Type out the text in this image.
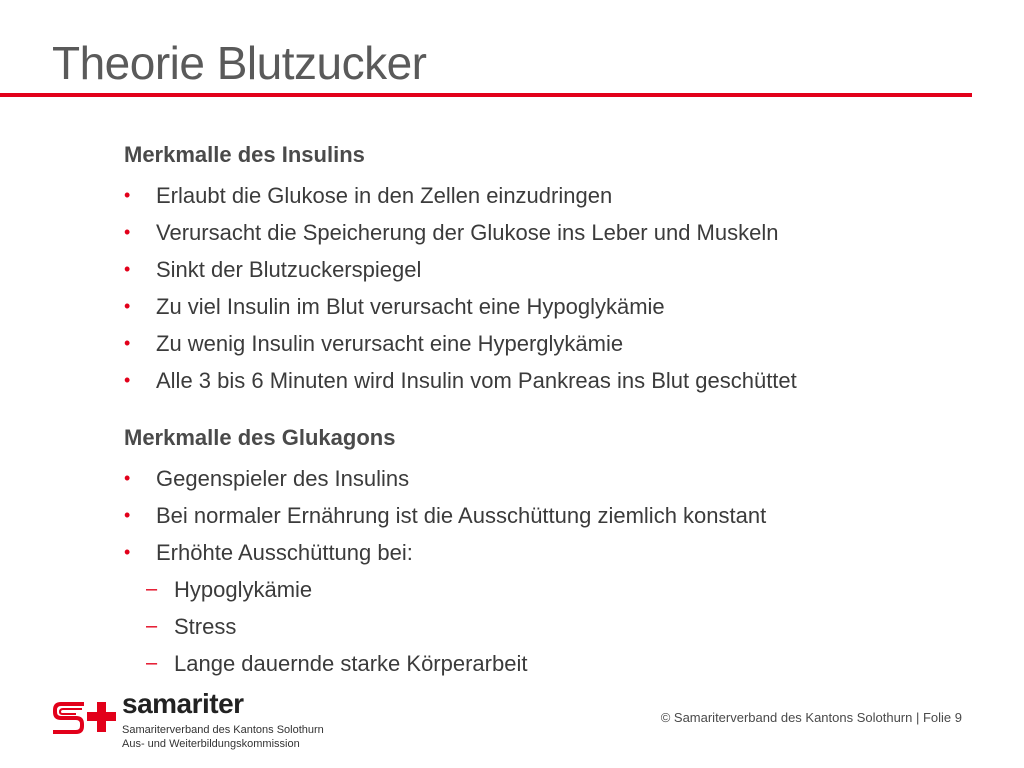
Theorie Blutzucker
Merkmalle des Insulins
• Erlaubt die Glukose in den Zellen einzudringen
• Verursacht die Speicherung der Glukose ins Leber und Muskeln
• Sinkt der Blutzuckerspiegel
• Zu viel Insulin im Blut verursacht eine Hypoglykämie
• Zu wenig Insulin verursacht eine Hyperglykämie
• Alle 3 bis 6 Minuten wird Insulin vom Pankreas ins Blut geschüttet
Merkmalle des Glukagons
• Gegenspieler des Insulins
• Bei normaler Ernährung ist die Ausschüttung ziemlich konstant
• Erhöhte Ausschüttung bei:
– Hypoglykämie
– Stress
– Lange dauernde starke Körperarbeit
samariter
Samariterverband des Kantons Solothurn
Aus- und Weiterbildungskommission
© Samariterverband des Kantons Solothurn | Folie 9
